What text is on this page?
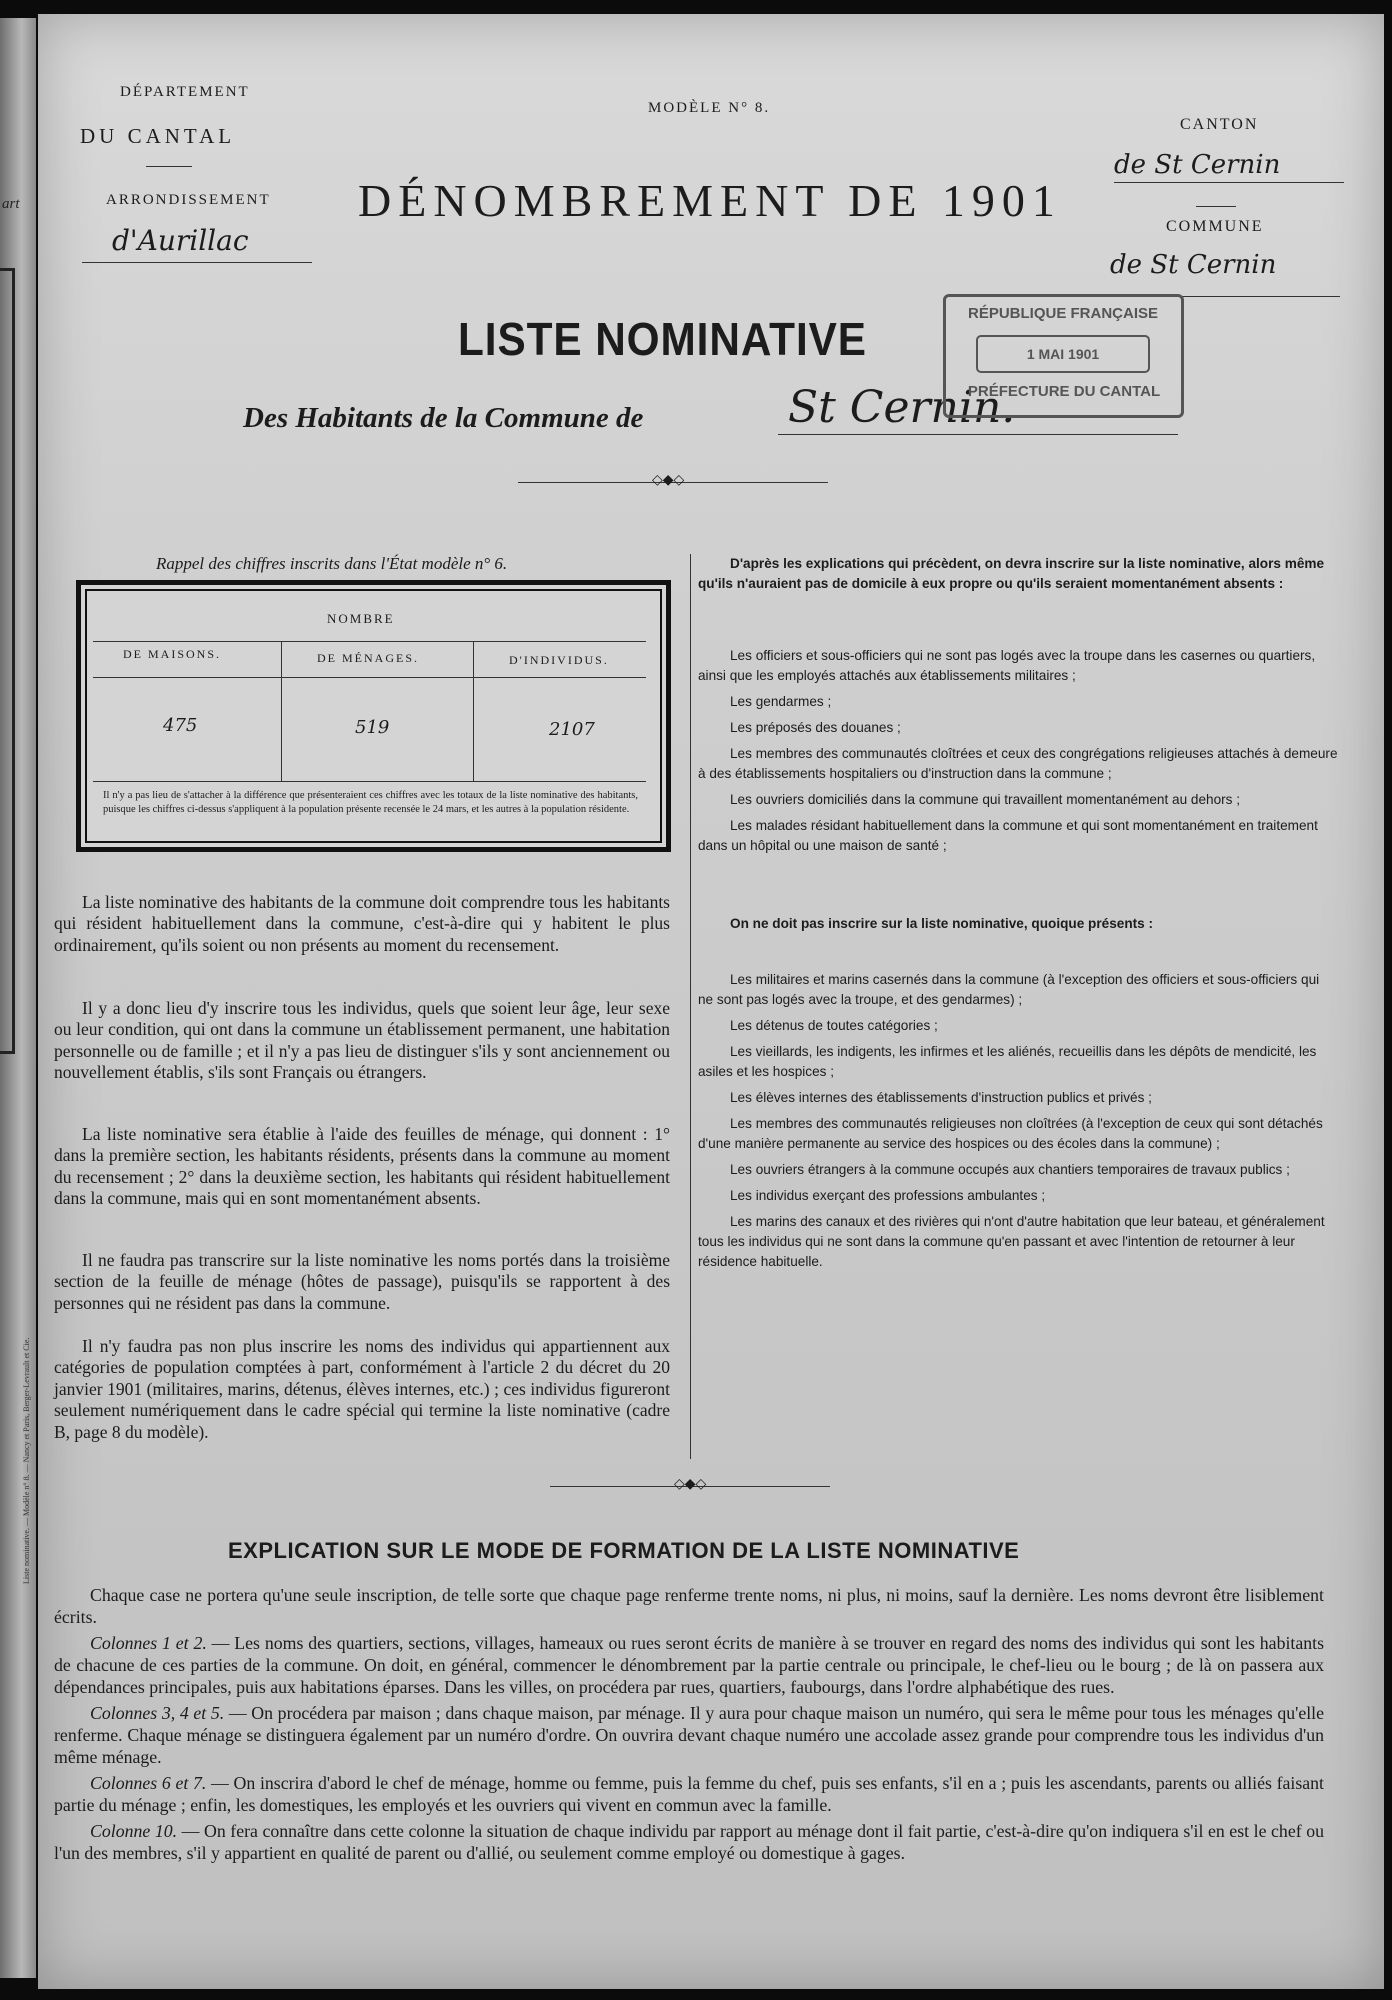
art
DÉPARTEMENT
DU CANTAL
ARRONDISSEMENT
d'Aurillac
MODÈLE N° 8.
DÉNOMBREMENT DE 1901
CANTON
de St Cernin
COMMUNE
de St Cernin
LISTE NOMINATIVE
Des Habitants de la Commune de	St Cernin.
RÉPUBLIQUE FRANÇAISE
1 MAI 1901
PRÉFECTURE DU CANTAL
◇◆◇
Rappel des chiffres inscrits dans l'État modèle n° 6.
NOMBRE
DE MAISONS.	DE MÉNAGES.	D'INDIVIDUS.
475	519	2107
Il n'y a pas lieu de s'attacher à la différence que présenteraient ces chiffres avec les totaux de la liste nominative des habitants, puisque les chiffres ci-dessus s'appliquent à la population présente recensée le 24 mars, et les autres à la population résidente.
La liste nominative des habitants de la commune doit comprendre tous les habitants qui résident habituellement dans la commune, c'est-à-dire qui y habitent le plus ordinairement, qu'ils soient ou non présents au moment du recensement.
Il y a donc lieu d'y inscrire tous les individus, quels que soient leur âge, leur sexe ou leur condition, qui ont dans la commune un établissement permanent, une habitation personnelle ou de famille ; et il n'y a pas lieu de distinguer s'ils y sont anciennement ou nouvellement établis, s'ils sont Français ou étrangers.
La liste nominative sera établie à l'aide des feuilles de ménage, qui donnent : 1° dans la première section, les habitants résidents, présents dans la commune au moment du recensement ; 2° dans la deuxième section, les habitants qui résident habituellement dans la commune, mais qui en sont momentanément absents.
Il ne faudra pas transcrire sur la liste nominative les noms portés dans la troisième section de la feuille de ménage (hôtes de passage), puisqu'ils se rapportent à des personnes qui ne résident pas dans la commune.
Il n'y faudra pas non plus inscrire les noms des individus qui appartiennent aux catégories de population comptées à part, conformément à l'article 2 du décret du 20 janvier 1901 (militaires, marins, détenus, élèves internes, etc.) ; ces individus figureront seulement numériquement dans le cadre spécial qui termine la liste nominative (cadre B, page 8 du modèle).

D'après les explications qui précèdent, on devra inscrire sur la liste nominative, alors même qu'ils n'auraient pas de domicile à eux propre ou qu'ils seraient momentanément absents :

Les officiers et sous-officiers qui ne sont pas logés avec la troupe dans les casernes ou quartiers, ainsi que les employés attachés aux établissements militaires ;

Les gendarmes ;

Les préposés des douanes ;

Les membres des communautés cloîtrées et ceux des congrégations religieuses attachés à demeure à des établissements hospitaliers ou d'instruction dans la commune ;

Les ouvriers domiciliés dans la commune qui travaillent momentanément au dehors ;

Les malades résidant habituellement dans la commune et qui sont momentanément en traitement dans un hôpital ou une maison de santé ;

On ne doit pas inscrire sur la liste nominative, quoique présents :

Les militaires et marins casernés dans la commune (à l'exception des officiers et sous-officiers qui ne sont pas logés avec la troupe, et des gendarmes) ;

Les détenus de toutes catégories ;

Les vieillards, les indigents, les infirmes et les aliénés, recueillis dans les dépôts de mendicité, les asiles et les hospices ;

Les élèves internes des établissements d'instruction publics et privés ;

Les membres des communautés religieuses non cloîtrées (à l'exception de ceux qui sont détachés d'une manière permanente au service des hospices ou des écoles dans la commune) ;

Les ouvriers étrangers à la commune occupés aux chantiers temporaires de travaux publics ;

Les individus exerçant des professions ambulantes ;

Les marins des canaux et des rivières qui n'ont d'autre habitation que leur bateau, et généralement tous les individus qui ne sont dans la commune qu'en passant et avec l'intention de retourner à leur résidence habituelle.

◇◆◇
EXPLICATION SUR LE MODE DE FORMATION DE LA LISTE NOMINATIVE

Chaque case ne portera qu'une seule inscription, de telle sorte que chaque page renferme trente noms, ni plus, ni moins, sauf la dernière. Les noms devront être lisiblement écrits.

Colonnes 1 et 2. — Les noms des quartiers, sections, villages, hameaux ou rues seront écrits de manière à se trouver en regard des noms des individus qui sont les habitants de chacune de ces parties de la commune. On doit, en général, commencer le dénombrement par la partie centrale ou principale, le chef-lieu ou le bourg ; de là on passera aux dépendances principales, puis aux habitations éparses. Dans les villes, on procédera par rues, quartiers, faubourgs, dans l'ordre alphabétique des rues.

Colonnes 3, 4 et 5. — On procédera par maison ; dans chaque maison, par ménage. Il y aura pour chaque maison un numéro, qui sera le même pour tous les ménages qu'elle renferme. Chaque ménage se distinguera également par un numéro d'ordre. On ouvrira devant chaque numéro une accolade assez grande pour comprendre tous les individus d'un même ménage.

Colonnes 6 et 7. — On inscrira d'abord le chef de ménage, homme ou femme, puis la femme du chef, puis ses enfants, s'il en a ; puis les ascendants, parents ou alliés faisant partie du ménage ; enfin, les domestiques, les employés et les ouvriers qui vivent en commun avec la famille.

Colonne 10. — On fera connaître dans cette colonne la situation de chaque individu par rapport au ménage dont il fait partie, c'est-à-dire qu'on indiquera s'il en est le chef ou l'un des membres, s'il y appartient en qualité de parent ou d'allié, ou seulement comme employé ou domestique à gages.

Liste nominative. — Modèle n° 8. — Nancy et Paris, Berger-Levrault et Cie.
